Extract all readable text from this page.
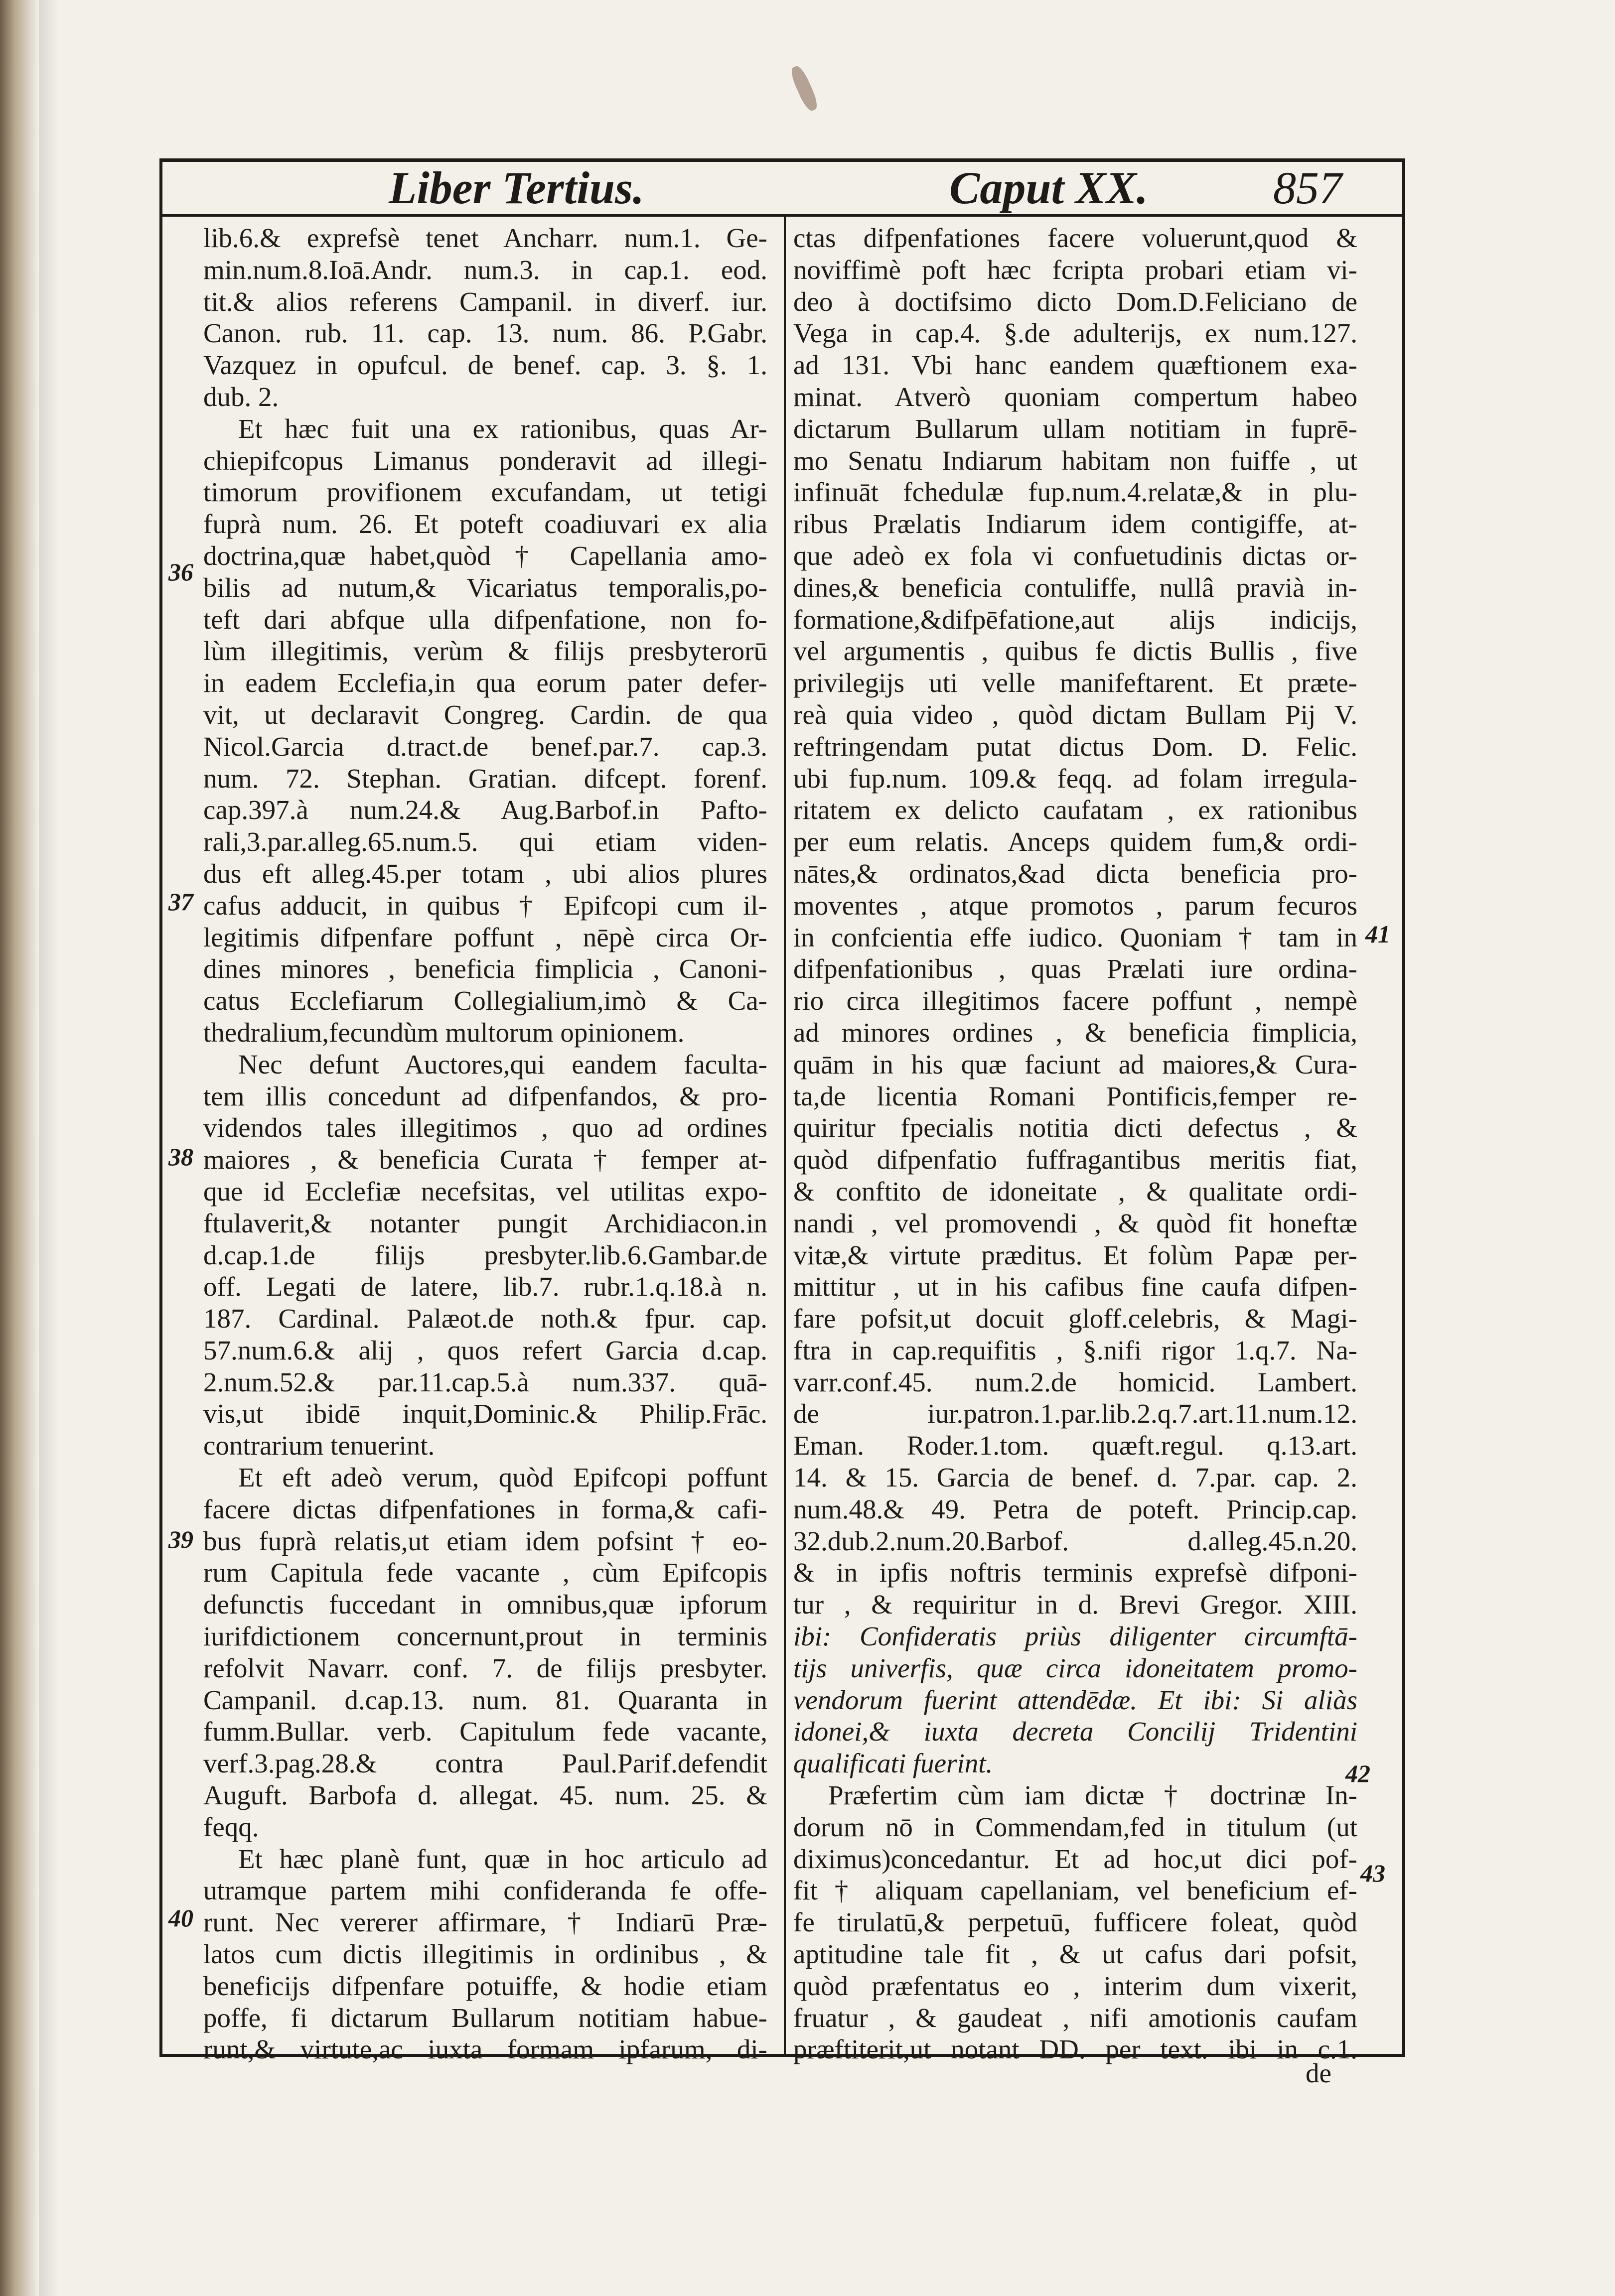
Liber Tertius.	Caput XX.	857
lib.6.& exprefsè tenet Ancharr. num.1. Ge-
min.num.8.Ioā.Andr. num.3. in cap.1. eod.
tit.& alios referens Campanil. in diverf. iur.
Canon. rub. 11. cap. 13. num. 86. P.Gabr.
Vazquez in opufcul. de benef. cap. 3. §. 1.
dub. 2.
Et hæc fuit una ex rationibus, quas Ar-
chiepifcopus Limanus ponderavit ad illegi-
timorum provifionem excufandam, ut tetigi
fuprà num. 26. Et poteft coadiuvari ex alia
doctrina,quæ habet,quòd † Capellania amo-
bilis ad nutum,& Vicariatus temporalis,po-
teft dari abfque ulla difpenfatione, non fo-
lùm illegitimis, verùm & filijs presbyterorū
in eadem Ecclefia,in qua eorum pater defer-
vit, ut declaravit Congreg. Cardin. de qua
Nicol.Garcia d.tract.de benef.par.7. cap.3.
num. 72. Stephan. Gratian. difcept. forenf.
cap.397.à num.24.& Aug.Barbof.in Pafto-
rali,3.par.alleg.65.num.5. qui etiam viden-
dus eft alleg.45.per totam , ubi alios plures
cafus adducit, in quibus † Epifcopi cum il-
legitimis difpenfare poffunt , nēpè circa Or-
dines minores , beneficia fimplicia , Canoni-
catus Ecclefiarum Collegialium,imò & Ca-
thedralium,fecundùm multorum opinionem.
Nec defunt Auctores,qui eandem faculta-
tem illis concedunt ad difpenfandos, & pro-
videndos tales illegitimos , quo ad ordines
maiores , & beneficia Curata † femper at-
que id Ecclefiæ necefsitas, vel utilitas expo-
ftulaverit,& notanter pungit Archidiacon.in
d.cap.1.de filijs presbyter.lib.6.Gambar.de
off. Legati de latere, lib.7. rubr.1.q.18.à n.
187. Cardinal. Palæot.de noth.& fpur. cap.
57.num.6.& alij , quos refert Garcia d.cap.
2.num.52.& par.11.cap.5.à num.337. quā-
vis,ut ibidē inquit,Dominic.& Philip.Frāc.
contrarium tenuerint.
Et eft adeò verum, quòd Epifcopi poffunt
facere dictas difpenfationes in forma,& cafi-
bus fuprà relatis,ut etiam idem pofsint † eo-
rum Capitula fede vacante , cùm Epifcopis
defunctis fuccedant in omnibus,quæ ipforum
iurifdictionem concernunt,prout in terminis
refolvit Navarr. conf. 7. de filijs presbyter.
Campanil. d.cap.13. num. 81. Quaranta in
fumm.Bullar. verb. Capitulum fede vacante,
verf.3.pag.28.& contra Paul.Parif.defendit
Auguft. Barbofa d. allegat. 45. num. 25. &
feqq.
Et hæc planè funt, quæ in hoc articulo ad
utramque partem mihi confideranda fe offe-
runt. Nec vererer affirmare, † Indiarū Præ-
latos cum dictis illegitimis in ordinibus , &
beneficijs difpenfare potuiffe, & hodie etiam
poffe, fi dictarum Bullarum notitiam habue-
runt,& virtute,ac iuxta formam ipfarum, di-
ctas difpenfationes facere voluerunt,quod &
noviffimè poft hæc fcripta probari etiam vi-
deo à doctifsimo dicto Dom.D.Feliciano de
Vega in cap.4. §.de adulterijs, ex num.127.
ad 131. Vbi hanc eandem quæftionem exa-
minat. Atverò quoniam compertum habeo
dictarum Bullarum ullam notitiam in fuprē-
mo Senatu Indiarum habitam non fuiffe , ut
infinuāt fchedulæ fup.num.4.relatæ,& in plu-
ribus Prælatis Indiarum idem contigiffe, at-
que adeò ex fola vi confuetudinis dictas or-
dines,& beneficia contuliffe, nullâ pravià in-
formatione,&difpēfatione,aut alijs indicijs,
vel argumentis , quibus fe dictis Bullis , five
privilegijs uti velle manifeftarent. Et præte-
reà quia video , quòd dictam Bullam Pij V.
reftringendam putat dictus Dom. D. Felic.
ubi fup.num. 109.& feqq. ad folam irregula-
ritatem ex delicto caufatam , ex rationibus
per eum relatis. Anceps quidem fum,& ordi-
nātes,& ordinatos,&ad dicta beneficia pro-
moventes , atque promotos , parum fecuros
in confcientia effe iudico. Quoniam † tam in
difpenfationibus , quas Prælati iure ordina-
rio circa illegitimos facere poffunt , nempè
ad minores ordines , & beneficia fimplicia,
quām in his quæ faciunt ad maiores,& Cura-
ta,de licentia Romani Pontificis,femper re-
quiritur fpecialis notitia dicti defectus , &
quòd difpenfatio fuffragantibus meritis fiat,
& conftito de idoneitate , & qualitate ordi-
nandi , vel promovendi , & quòd fit honeftæ
vitæ,& virtute præditus. Et folùm Papæ per-
mittitur , ut in his cafibus fine caufa difpen-
fare pofsit,ut docuit gloff.celebris, & Magi-
ftra in cap.requifitis , §.nifi rigor 1.q.7. Na-
varr.conf.45. num.2.de homicid. Lambert.
de iur.patron.1.par.lib.2.q.7.art.11.num.12.
Eman. Roder.1.tom. quæft.regul. q.13.art.
14. & 15. Garcia de benef. d. 7.par. cap. 2.
num.48.& 49. Petra de poteft. Princip.cap.
32.dub.2.num.20.Barbof. d.alleg.45.n.20.
& in ipfis noftris terminis exprefsè difponi-
tur , & requiritur in d. Brevi Gregor. XIII.
ibi: Confideratis priùs diligenter circumftā-
tijs univerfis, quæ circa idoneitatem promo-
vendorum fuerint attendēdæ. Et ibi: Si aliàs
idonei,& iuxta decreta Concilij Tridentini
qualificati fuerint.
Præfertim cùm iam dictæ † doctrinæ In-
dorum nō in Commendam,fed in titulum (ut
diximus)concedantur. Et ad hoc,ut dici pof-
fit † aliquam capellaniam, vel beneficium ef-
fe tirulatū,& perpetuū, fufficere foleat, quòd
aptitudine tale fit , & ut cafus dari pofsit,
quòd præfentatus eo , interim dum vixerit,
fruatur , & gaudeat , nifi amotionis caufam
præftiterit,ut notant DD. per text. ibi in c.1.
36
37
38
39
40
41
42
43
de
